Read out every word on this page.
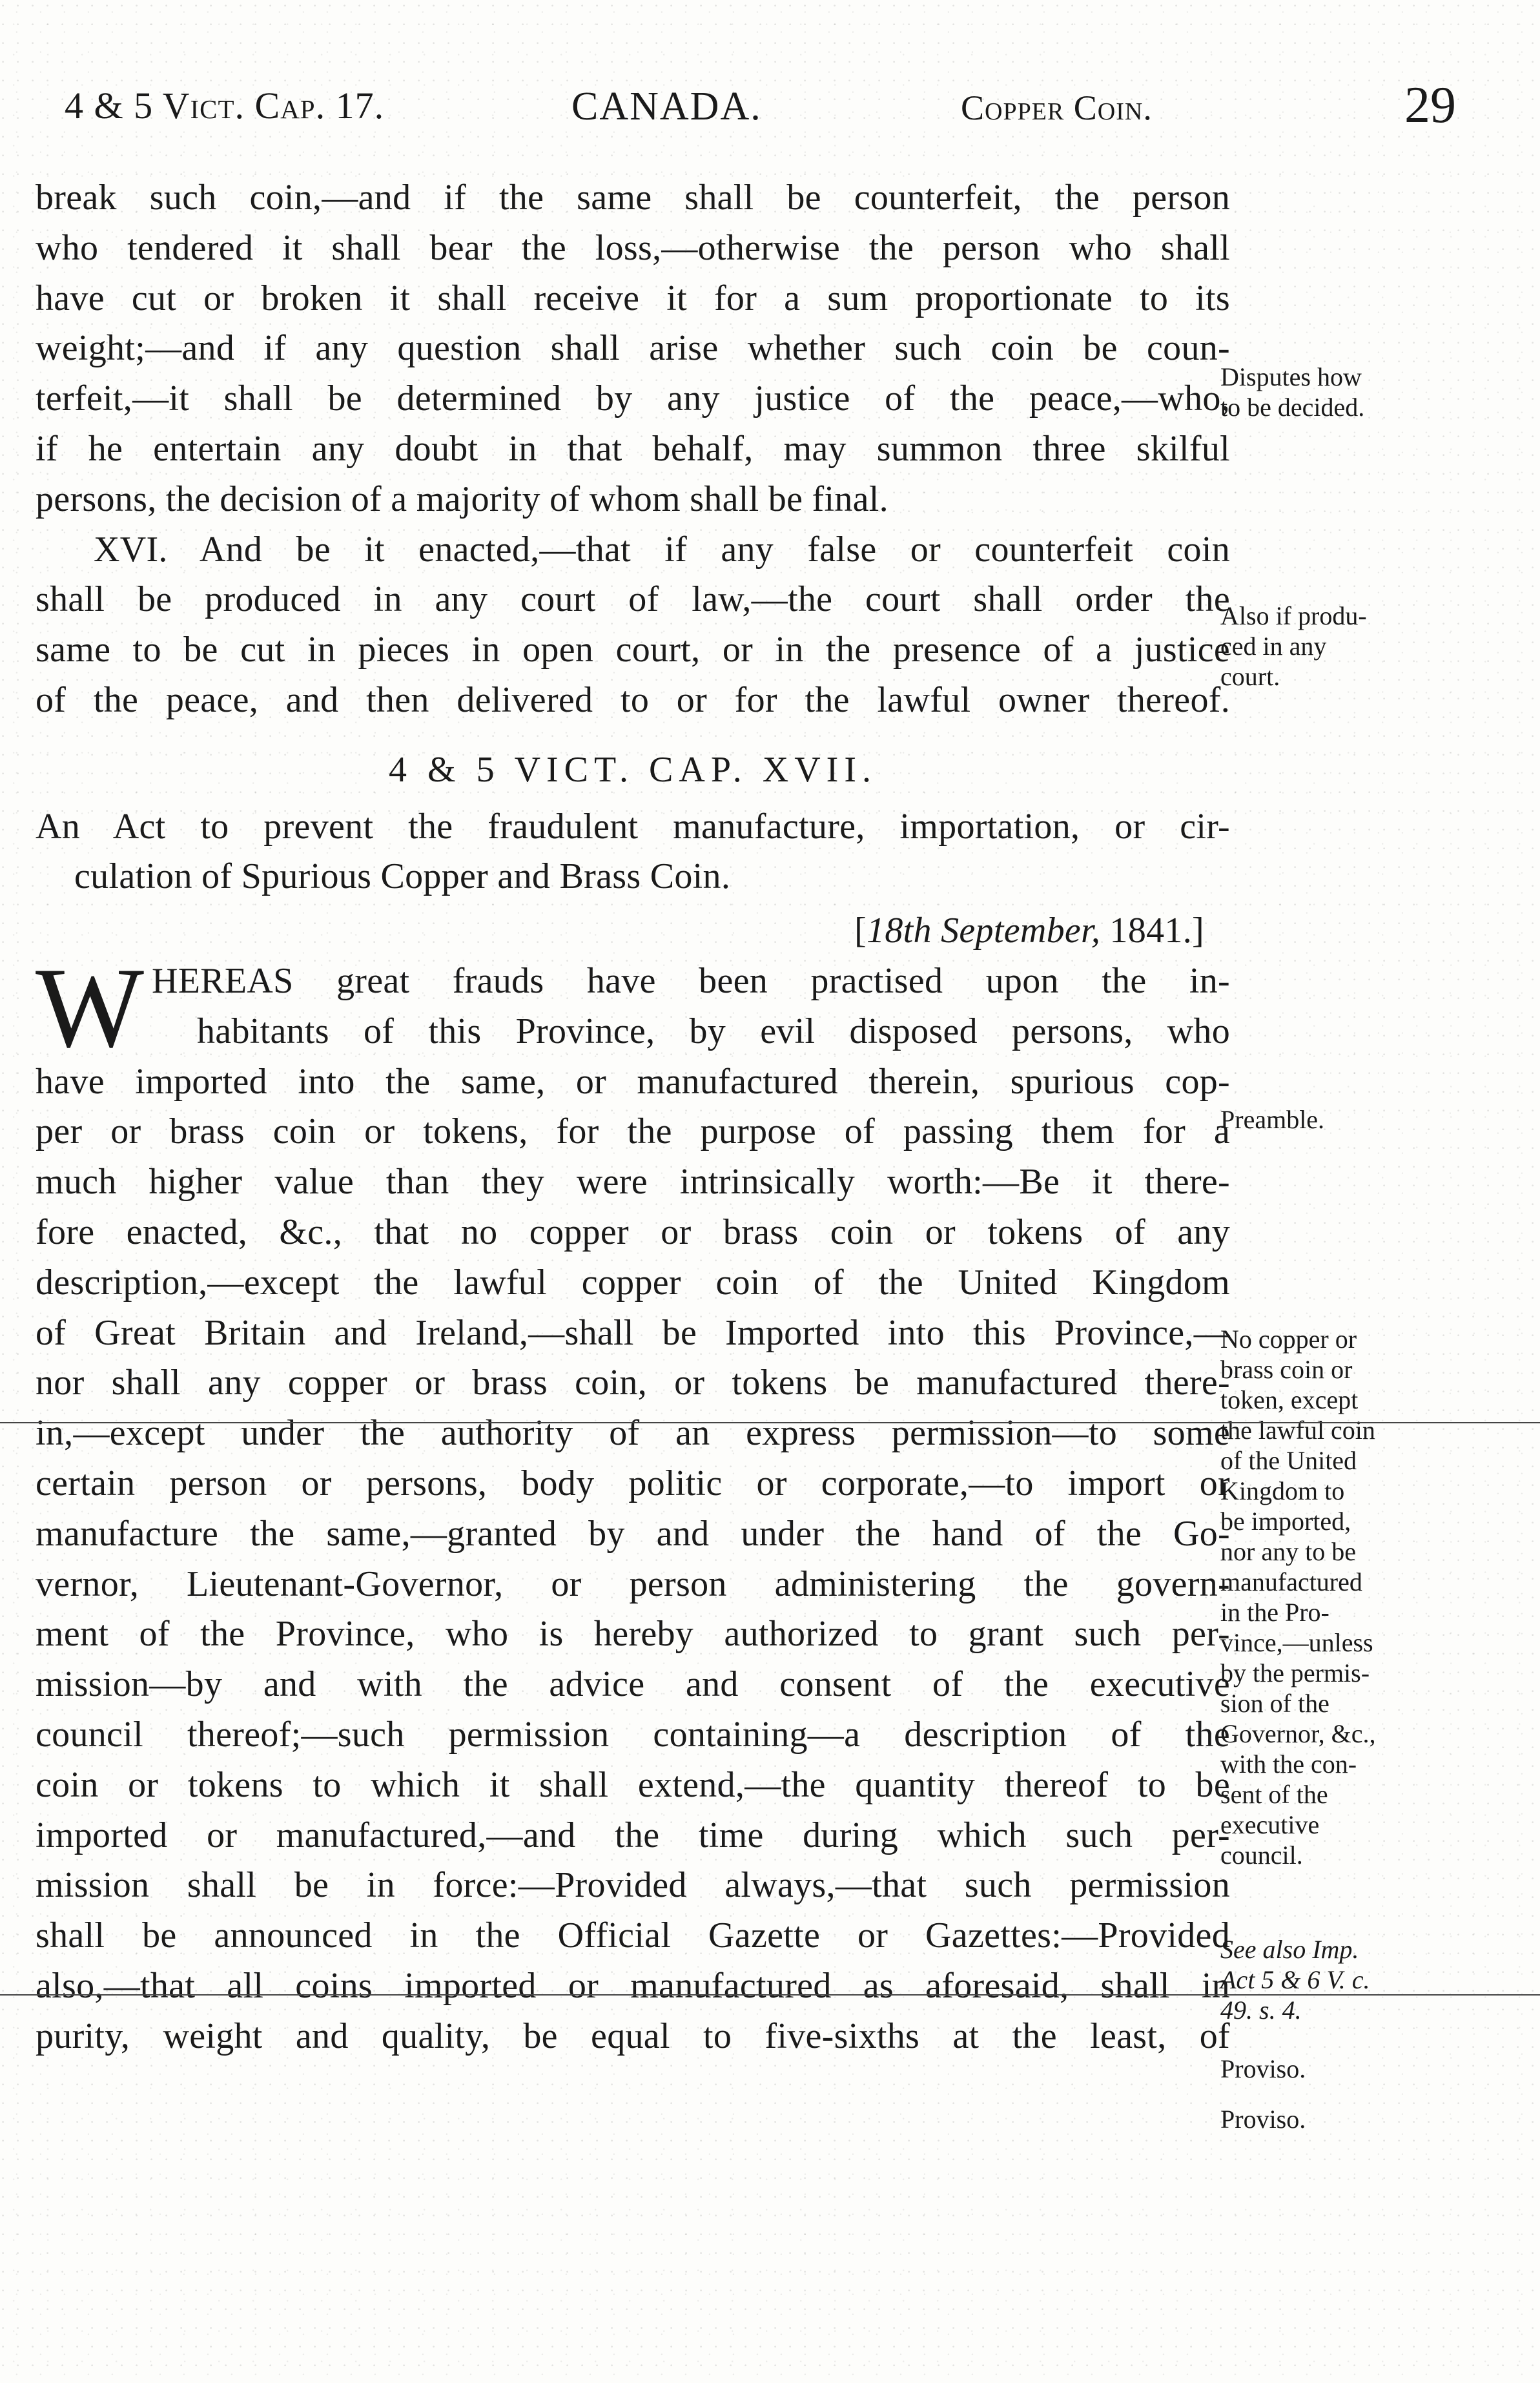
4 & 5 Vict. Cap. 17.	CANADA.	Copper Coin.	29
break such coin,—and if the same shall be counterfeit, the person
who tendered it shall bear the loss,—otherwise the person who shall
have cut or broken it shall receive it for a sum proportionate to its
weight;—and if any question shall arise whether such coin be coun-
terfeit,—it shall be determined by any justice of the peace,—who,
if he entertain any doubt in that behalf, may summon three skilful
persons, the decision of a majority of whom shall be final.
XVI. And be it enacted,—that if any false or counterfeit coin
shall be produced in any court of law,—the court shall order the
same to be cut in pieces in open court, or in the presence of a justice
of the peace, and then delivered to or for the lawful owner thereof.
4 & 5 VICT. CAP. XVII.
An Act to prevent the fraudulent manufacture, importation, or cir-
culation of Spurious Copper and Brass Coin.
[18th September, 1841.]
W HEREAS great frauds have been practised upon the in-
habitants of this Province, by evil disposed persons, who
have imported into the same, or manufactured therein, spurious cop-
per or brass coin or tokens, for the purpose of passing them for a
much higher value than they were intrinsically worth:—Be it there-
fore enacted, &c., that no copper or brass coin or tokens of any
description,—except the lawful copper coin of the United Kingdom
of Great Britain and Ireland,—shall be Imported into this Province,—
nor shall any copper or brass coin, or tokens be manufactured there-
in,—except under the authority of an express permission—to some
certain person or persons, body politic or corporate,—to import or
manufacture the same,—granted by and under the hand of the Go-
vernor, Lieutenant-Governor, or person administering the govern-
ment of the Province, who is hereby authorized to grant such per-
mission—by and with the advice and consent of the executive
council thereof;—such permission containing—a description of the
coin or tokens to which it shall extend,—the quantity thereof to be
imported or manufactured,—and the time during which such per-
mission shall be in force:—Provided always,—that such permission
shall be announced in the Official Gazette or Gazettes:—Provided
also,—that all coins imported or manufactured as aforesaid, shall in
purity, weight and quality, be equal to five-sixths at the least, of
Disputes how
to be decided.
Also if produ-
ced in any
court.
Preamble.
No copper or
brass coin or
token, except
the lawful coin
of the United
Kingdom to
be imported,
nor any to be
manufactured
in the Pro-
vince,—unless
by the permis-
sion of the
Governor, &c.,
with the con-
sent of the
executive
council.
See also Imp.
Act 5 & 6 V. c.
49. s. 4.
Proviso.
Proviso.
